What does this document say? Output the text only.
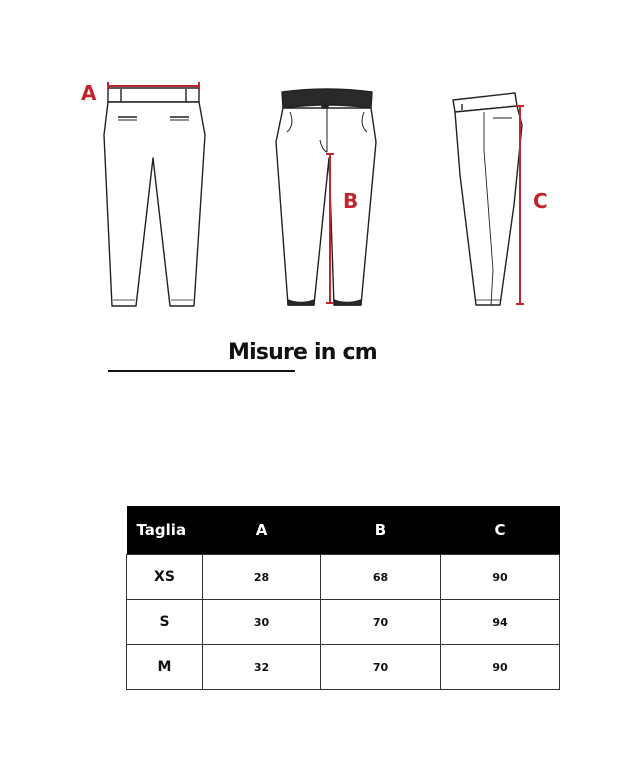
A
B	C
Misure in cm
Taglia	A	B	C
XS	28	68	90
S	30	70	94
M	32	70	90
